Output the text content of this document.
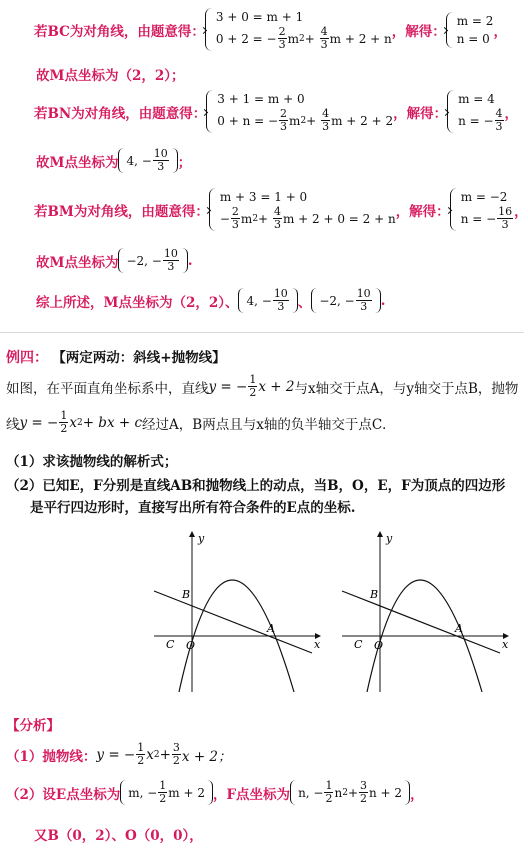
若BC为对角线，由题意得：
3 + 0 = m + 1
0 + 2 = − $\frac{2}{3}$ m 2 +
$\frac{4}{3}$ m + 2 + n ，解得：
m = 2
n = 0 ，
故M点坐标为（2，2）；
若BN为对角线，由题意得：
3 + 1 = m + 0
0 + n = − $\frac{2}{3}$ m 2 +
$\frac{4}{3}$ m + 2 + 2 ，解得：
m = 4
n = − $\frac{4}{3}$ ，
故M点坐标为 4, − $\frac{10}{3}$ ；
若BM为对角线，由题意得：
m + 3 = 1 + 0
− $\frac{2}{3}$ m 2 +
$\frac{4}{3}$ m + 2 + 0 = 2 + n ，解得：
m = −2
n = − $\frac{16}{3}$ ，
故M点坐标为 −2, − $\frac{10}{3}$ .
综上所述，M点坐标为（2，2）、 4, − $\frac{10}{3}$ 、 −2, − $\frac{10}{3}$ .
例四： 【两定两动：斜线+抛物线】
如图，在平面直角坐标系中，直线 y = − $\frac{1}{2}$ x + 2 与x轴交于点A，与y轴交于点B，抛物
线 y = − $\frac{1}{2}$ x 2 + bx + c 经过A，B两点且与x轴的负半轴交于点C．
（1）求该抛物线的解析式；
（2）已知E，F分别是直线AB和抛物线上的动点，当B，O，E，F为顶点的四边形
是平行四边形时，直接写出所有符合条件的E点的坐标.
x
y
B
A
C O	x
y
B
A
C O
【分析】
（1）抛物线： y = − $\frac{1}{2}$ x $2 + \frac{3}{2}$ x + 2；
（2）设 E点坐标为 m, − $\frac{1}{2}$ m + 2 ，F点坐标为 n, − $\frac{1}{2}$ n $2 + \frac{3}{2}$ n + 2 ，
又B（0，2）、O（0，0），
